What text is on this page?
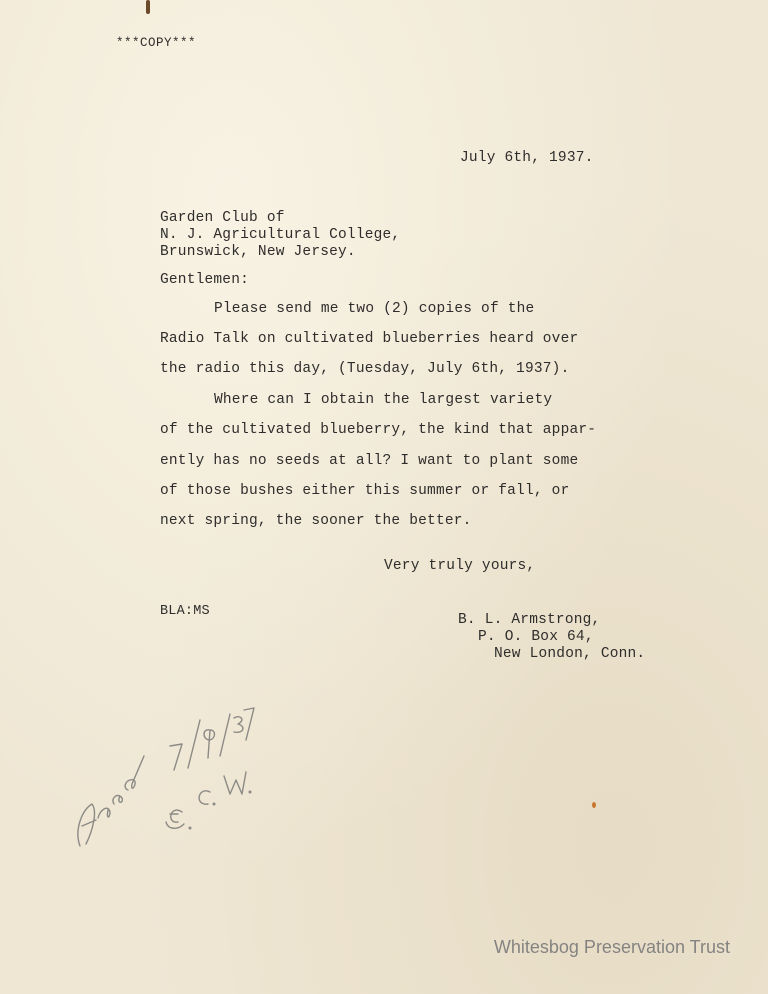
***COPY***
July 6th, 1937.
Garden Club of
N. J. Agricultural College,
Brunswick, New Jersey.
Gentlemen:
Please send me two (2) copies of the
Radio Talk on cultivated blueberries heard over
the radio this day, (Tuesday, July 6th, 1937).
Where can I obtain the largest variety
of the cultivated blueberry, the kind that appar-
ently has no seeds at all? I want to plant some
of those bushes either this summer or fall, or
next spring, the sooner the better.
Very truly yours,
BLA:MS
B. L. Armstrong,
P. O. Box 64,
New London, Conn.
Whitesbog Preservation Trust
